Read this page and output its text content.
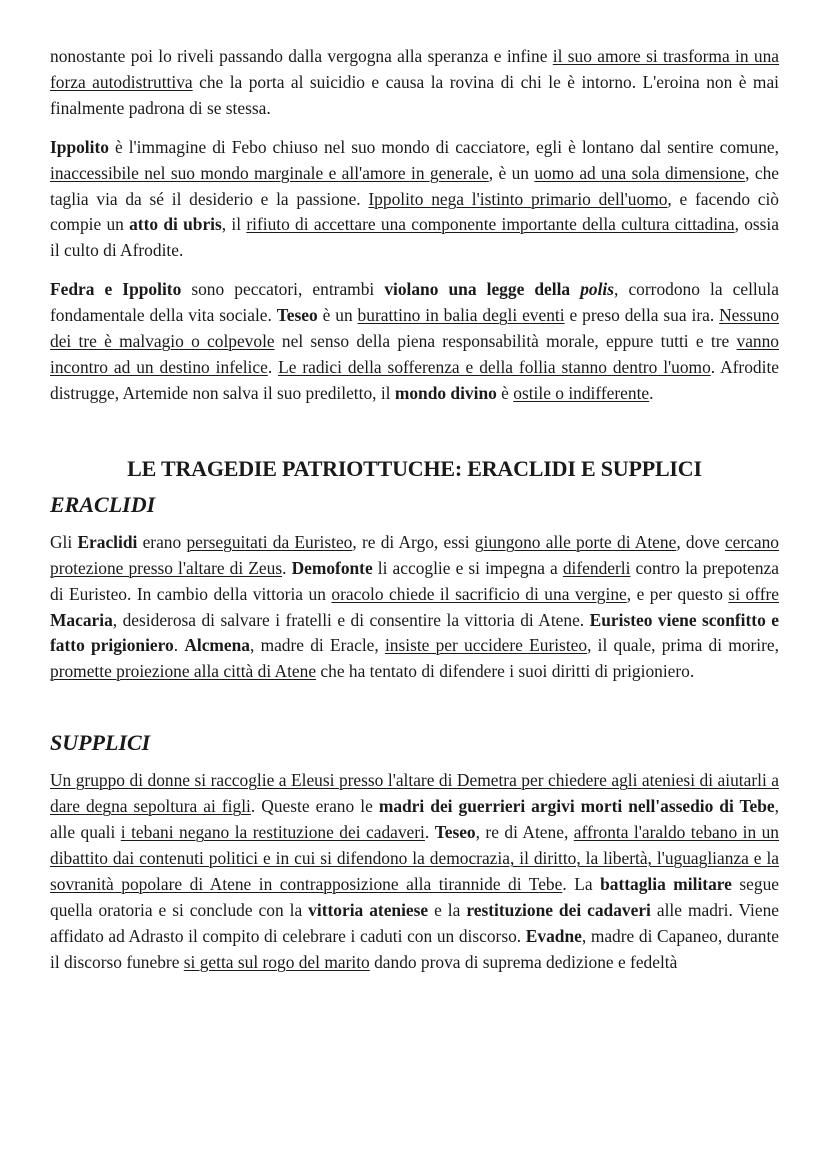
nonostante poi lo riveli passando dalla vergogna alla speranza e infine il suo amore si trasforma in una forza autodistruttiva che la porta al suicidio e causa la rovina di chi le è intorno. L'eroina non è mai finalmente padrona di se stessa.

Ippolito è l'immagine di Febo chiuso nel suo mondo di cacciatore, egli è lontano dal sentire comune, inaccessibile nel suo mondo marginale e all'amore in generale, è un uomo ad una sola dimensione, che taglia via da sé il desiderio e la passione. Ippolito nega l'istinto primario dell'uomo, e facendo ciò compie un atto di ubris, il rifiuto di accettare una componente importante della cultura cittadina, ossia il culto di Afrodite.

Fedra e Ippolito sono peccatori, entrambi violano una legge della polis, corrodono la cellula fondamentale della vita sociale. Teseo è un burattino in balia degli eventi e preso della sua ira. Nessuno dei tre è malvagio o colpevole nel senso della piena responsabilità morale, eppure tutti e tre vanno incontro ad un destino infelice. Le radici della sofferenza e della follia stanno dentro l'uomo. Afrodite distrugge, Artemide non salva il suo prediletto, il mondo divino è ostile o indifferente.

LE TRAGEDIE PATRIOTTUCHE: ERACLIDI E SUPPLICI
ERACLIDI

Gli Eraclidi erano perseguitati da Euristeo, re di Argo, essi giungono alle porte di Atene, dove cercano protezione presso l'altare di Zeus. Demofonte li accoglie e si impegna a difenderli contro la prepotenza di Euristeo. In cambio della vittoria un oracolo chiede il sacrificio di una vergine, e per questo si offre Macaria, desiderosa di salvare i fratelli e di consentire la vittoria di Atene. Euristeo viene sconfitto e fatto prigioniero. Alcmena, madre di Eracle, insiste per uccidere Euristeo, il quale, prima di morire, promette proiezione alla città di Atene che ha tentato di difendere i suoi diritti di prigioniero.

SUPPLICI

Un gruppo di donne si raccoglie a Eleusi presso l'altare di Demetra per chiedere agli ateniesi di aiutarli a dare degna sepoltura ai figli. Queste erano le madri dei guerrieri argivi morti nell'assedio di Tebe, alle quali i tebani negano la restituzione dei cadaveri. Teseo, re di Atene, affronta l'araldo tebano in un dibattito dai contenuti politici e in cui si difendono la democrazia, il diritto, la libertà, l'uguaglianza e la sovranità popolare di Atene in contrapposizione alla tirannide di Tebe. La battaglia militare segue quella oratoria e si conclude con la vittoria ateniese e la restituzione dei cadaveri alle madri. Viene affidato ad Adrasto il compito di celebrare i caduti con un discorso. Evadne, madre di Capaneo, durante il discorso funebre si getta sul rogo del marito dando prova di suprema dedizione e fedeltà
